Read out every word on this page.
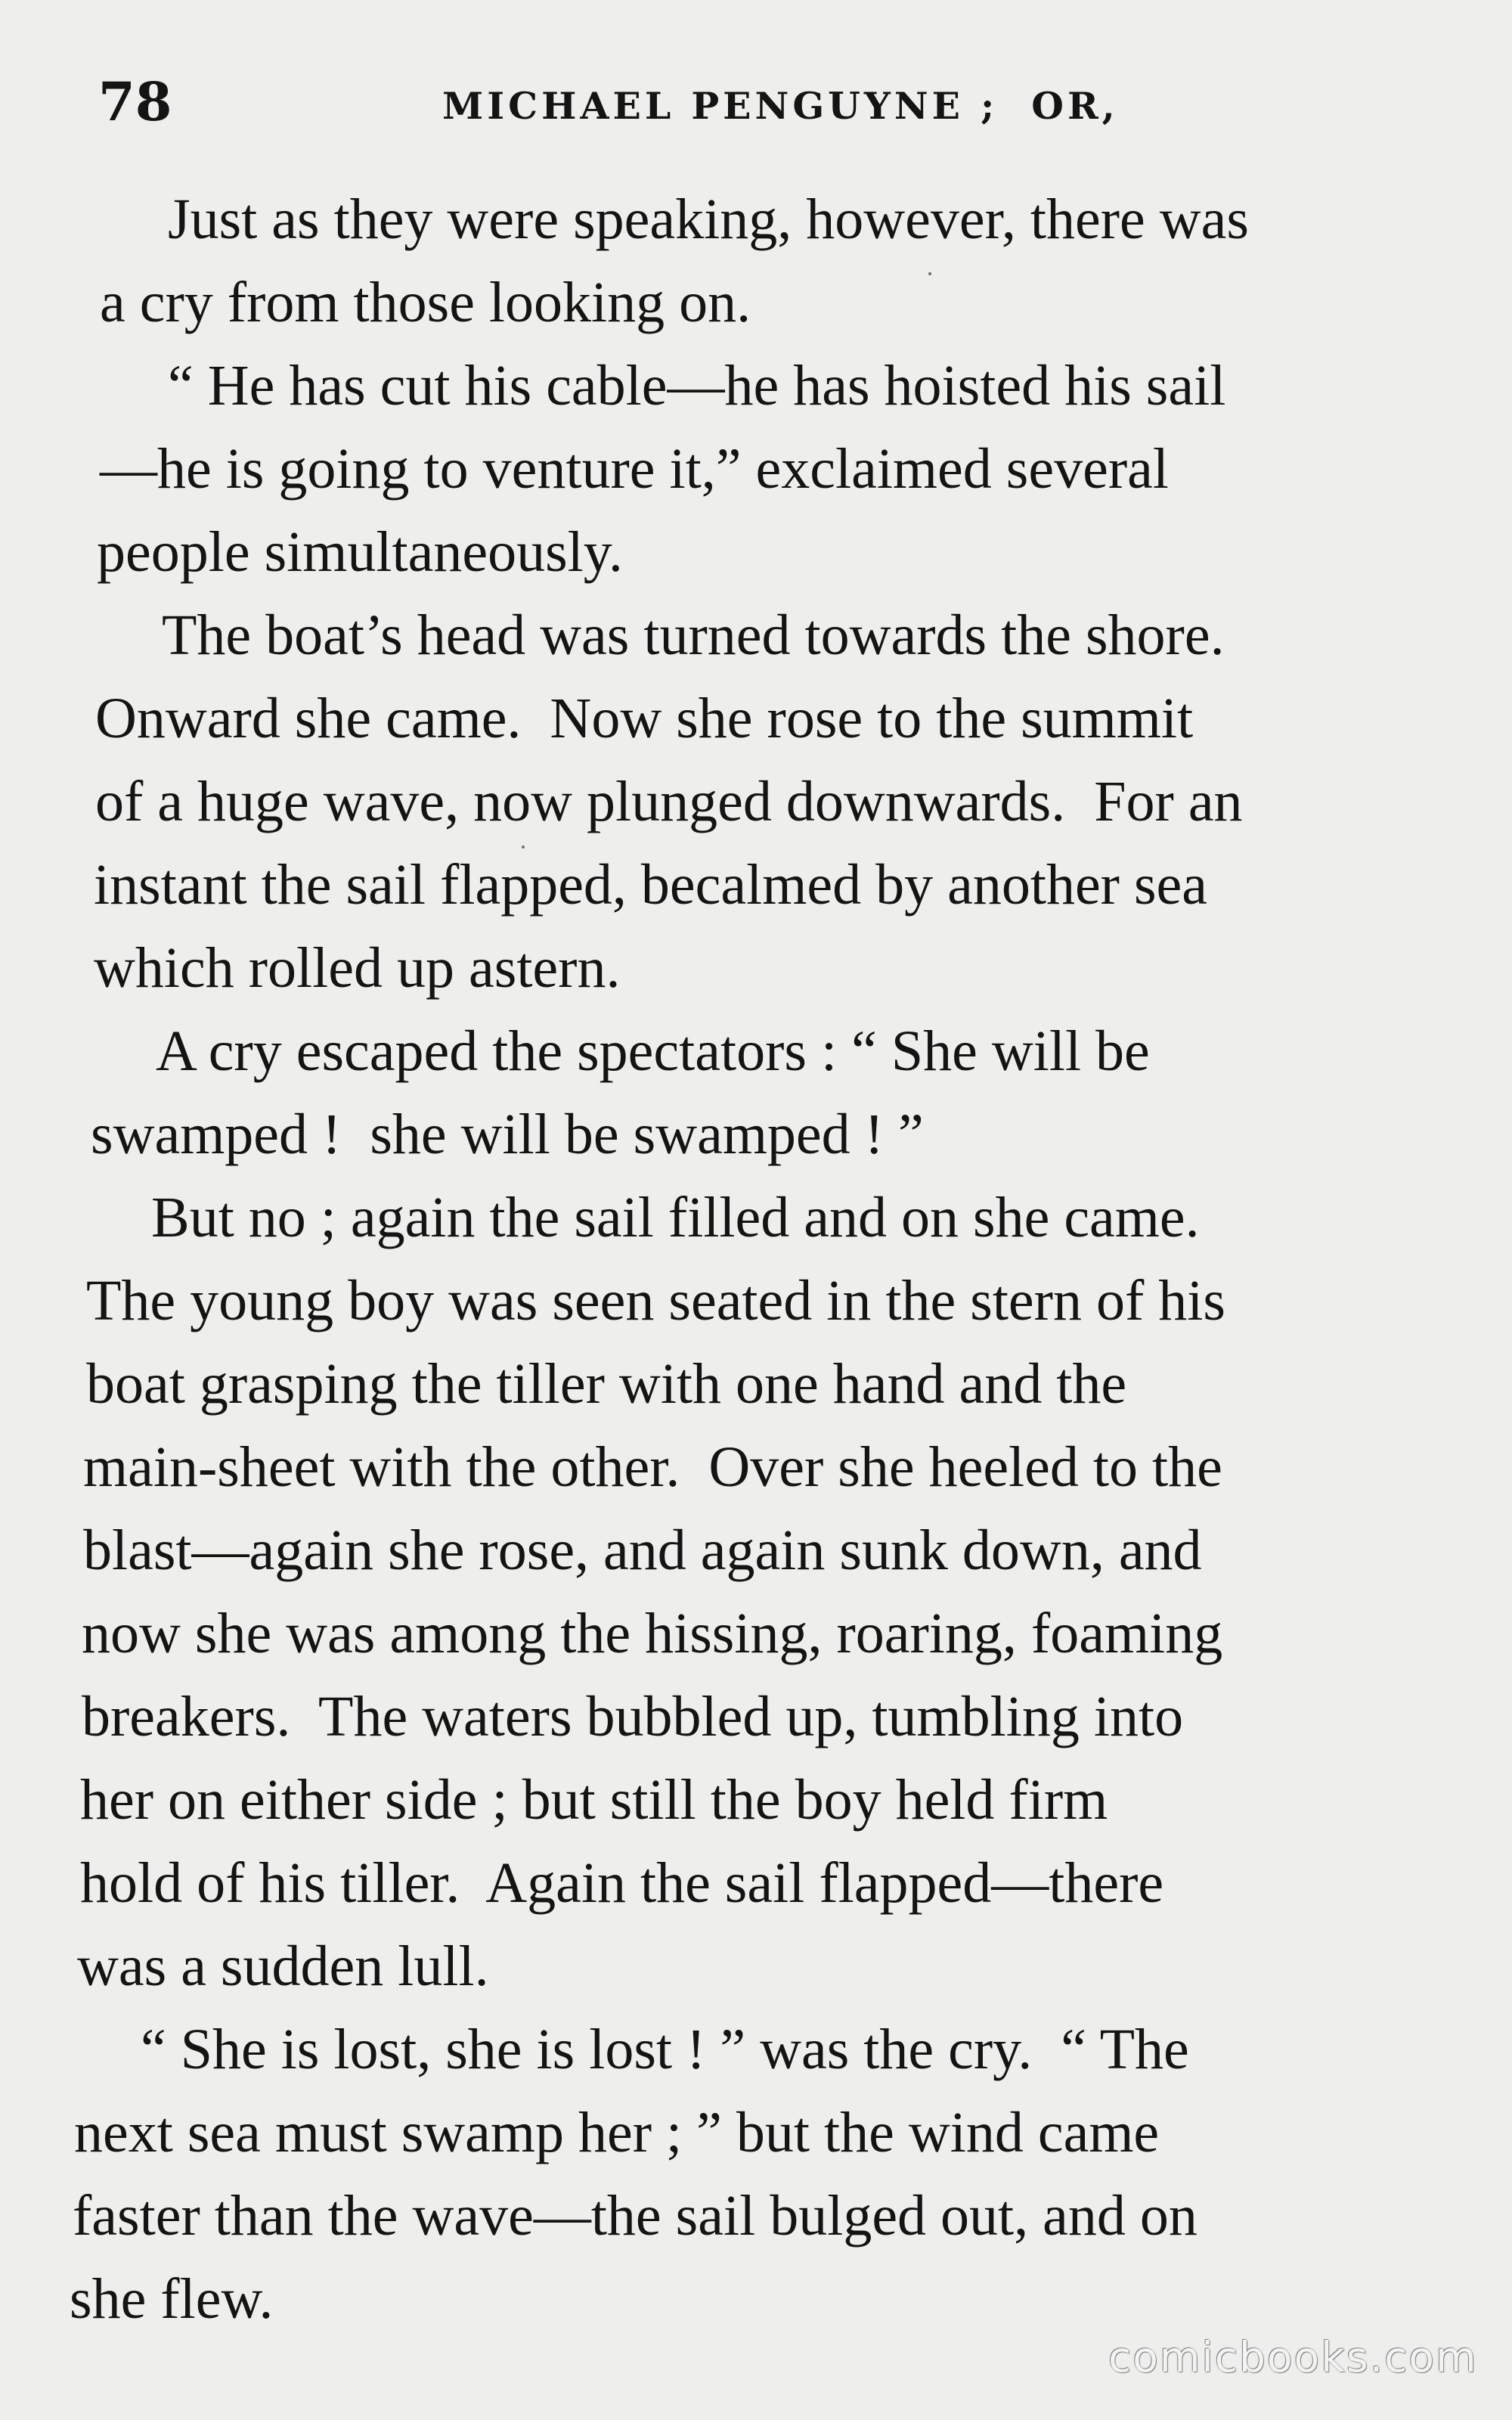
78	MICHAEL PENGUYNE ;  OR,
Just as they were speaking, however, there was
a cry from those looking on.
“ He has cut his cable—he has hoisted his sail
—he is going to venture it,” exclaimed several
people simultaneously.
The boat’s head was turned towards the shore.
Onward she came.  Now she rose to the summit
of a huge wave, now plunged downwards.  For an
instant the sail flapped, becalmed by another sea
which rolled up astern.
A cry escaped the spectators : “ She will be
swamped !  she will be swamped ! ”
But no ; again the sail filled and on she came.
The young boy was seen seated in the stern of his
boat grasping the tiller with one hand and the
main-sheet with the other.  Over she heeled to the
blast—again she rose, and again sunk down, and
now she was among the hissing, roaring, foaming
breakers.  The waters bubbled up, tumbling into
her on either side ; but still the boy held firm
hold of his tiller.  Again the sail flapped—there
was a sudden lull.
“ She is lost, she is lost ! ” was the cry.  “ The
next sea must swamp her ; ” but the wind came
faster than the wave—the sail bulged out, and on
she flew.
comicbooks.com
